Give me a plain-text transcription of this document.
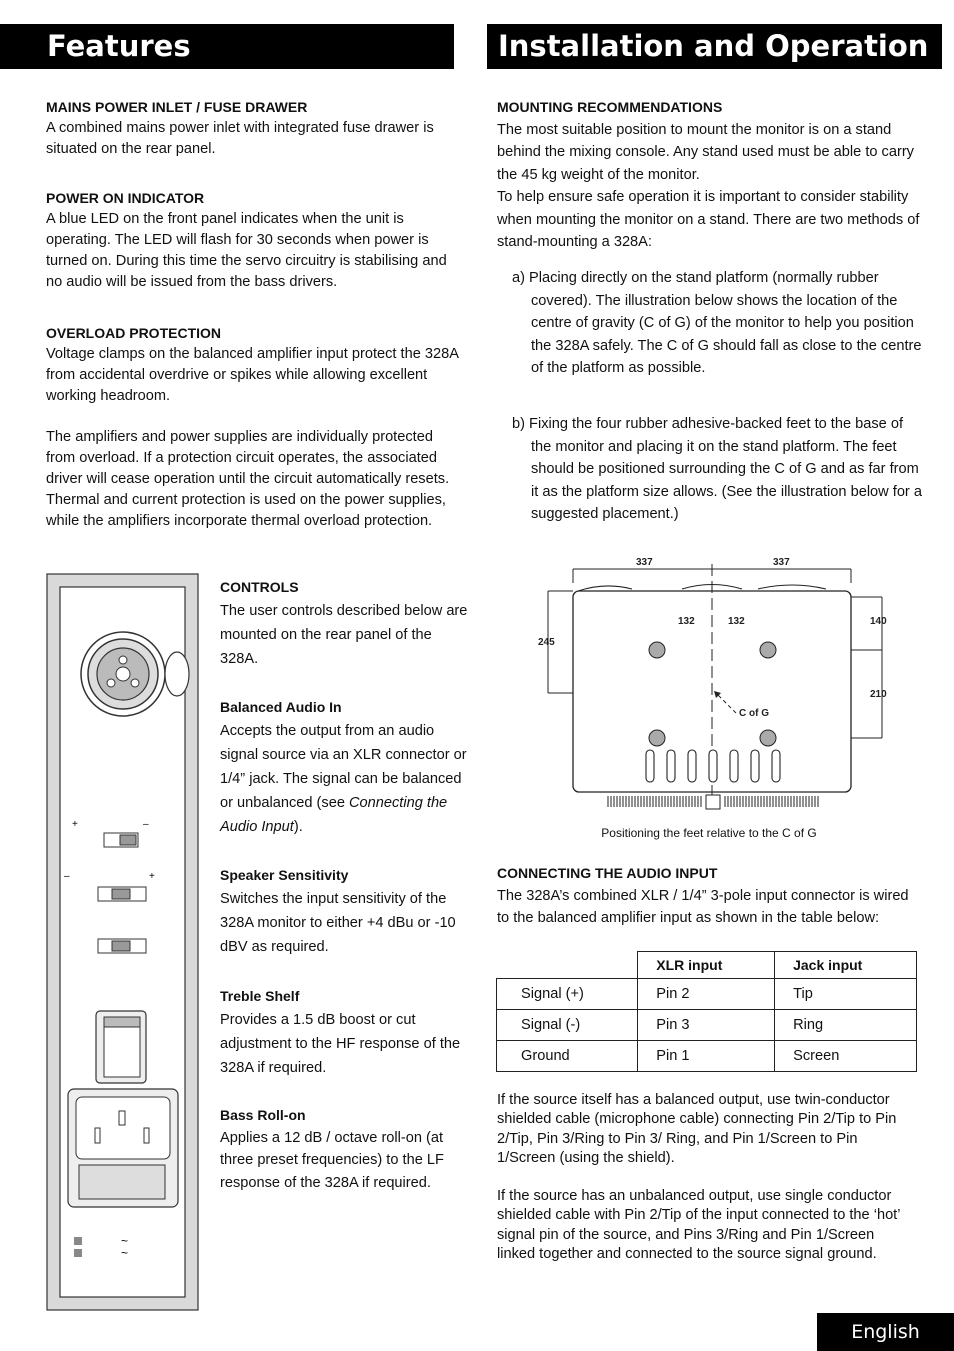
Features	Installation and Operation
MAINS POWER INLET / FUSE DRAWER
A combined mains power inlet with integrated fuse drawer is situated on the rear panel.
POWER ON INDICATOR
A blue LED on the front panel indicates when the unit is operating. The LED will flash for 30 seconds when power is turned on. During this time the servo circuitry is stabilising and no audio will be issued from the bass drivers.
OVERLOAD PROTECTION
Voltage clamps on the balanced amplifier input protect the 328A from accidental overdrive or spikes while allowing excellent working headroom.
The amplifiers and power supplies are individually protected from overload. If a protection circuit operates, the associated driver will cease operation until the circuit automatically resets. Thermal and current protection is used on the power supplies, while the amplifiers incorporate thermal overload protection.
+	–
–	+
~
~
CONTROLS
The user controls described below are mounted on the rear panel of the 328A.
Balanced Audio In
Accepts the output from an audio signal source via an XLR connector or 1/4” jack. The signal can be balanced or unbalanced (see Connecting the Audio Input).
Speaker Sensitivity
Switches the input sensitivity of the 328A monitor to either +4 dBu or -10 dBV as required.
Treble Shelf
Provides a 1.5 dB boost or cut adjustment to the HF response of the 328A if required.
Bass Roll-on
Applies a 12 dB / octave roll-on (at three preset frequencies) to the LF response of the 328A if required.
MOUNTING RECOMMENDATIONS
The most suitable position to mount the monitor is on a stand behind the mixing console. Any stand used must be able to carry the 45 kg weight of the monitor.
To help ensure safe operation it is important to consider stability when mounting the monitor on a stand. There are two methods of stand-mounting a 328A:
a) Placing directly on the stand platform (normally rubber covered). The illustration below shows the location of the centre of gravity (C of G) of the monitor to help you position the 328A safely. The C of G should fall as close to the centre of the platform as possible.
b) Fixing the four rubber adhesive-backed feet to the base of the monitor and placing it on the stand platform. The feet should be positioned surrounding the C of G and as far from it as the platform size allows. (See the illustration below for a suggested placement.)
337	337
245
132	132	140
210
C of G
Positioning the feet relative to the C of G
CONNECTING THE AUDIO INPUT
The 328A’s combined XLR / 1/4” 3-pole input connector is wired to the balanced amplifier input as shown in the table below:
	XLR input	Jack input
Signal (+)	Pin 2	Tip
Signal (-)	Pin 3	Ring
Ground	Pin 1	Screen
If the source itself has a balanced output, use twin-conductor shielded cable (microphone cable) connecting Pin 2/Tip to Pin 2/Tip, Pin 3/Ring to Pin 3/ Ring, and Pin 1/Screen to Pin 1/Screen (using the shield).
If the source has an unbalanced output, use single conductor shielded cable with Pin 2/Tip of the input connected to the ‘hot’ signal pin of the source, and Pins 3/Ring and Pin 1/Screen linked together and connected to the source signal ground.
English
